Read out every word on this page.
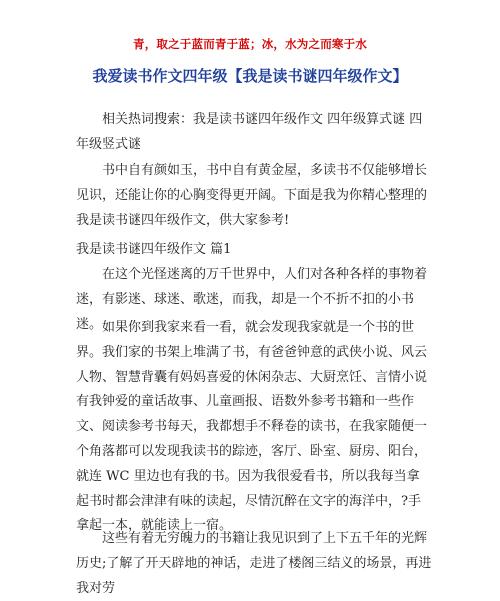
青，取之于蓝而青于蓝；冰，水为之而寒于水
我爱读书作文四年级【我是读书谜四年级作文】
相关热词搜索：我是读书谜四年级作文 四年级算式谜 四年级竖式谜
书中自有颜如玉，书中自有黄金屋，多读书不仅能够增长见识，还能让你的心胸变得更开阔。下面是我为你精心整理的我是读书谜四年级作文，供大家参考!
我是读书谜四年级作文 篇1
在这个光怪迷离的万千世界中，人们对各种各样的事物着迷，有影迷、球迷、歌迷，而我，却是一个不折不扣的小书迷。 如果你到我家来看一看，就会发现我家就是一个书的世界。我们家的书架上堆满了书，有爸爸钟意的武侠小说、风云人物、智慧背囊有妈妈喜爱的休闲杂志、大厨烹饪、言情小说有我钟爱的童话故事、儿童画报、语数外参考书籍和一些作文、阅读参考书每天，我都想手不释卷的读书，在我家随便一个角落都可以发现我读书的踪迹，客厅、卧室、厨房、阳台，就连 WC 里边也有我的书。因为我很爱看书，所以我每当拿起书时都会津津有味的读起，尽情沉醉在文字的海洋中，?手拿起一本，就能读上一宿。
这些有着无穷魄力的书籍让我见识到了上下五千年的光辉历史;了解了开天辟地的神话，走进了楼阁三结义的场景，再进我对劳
